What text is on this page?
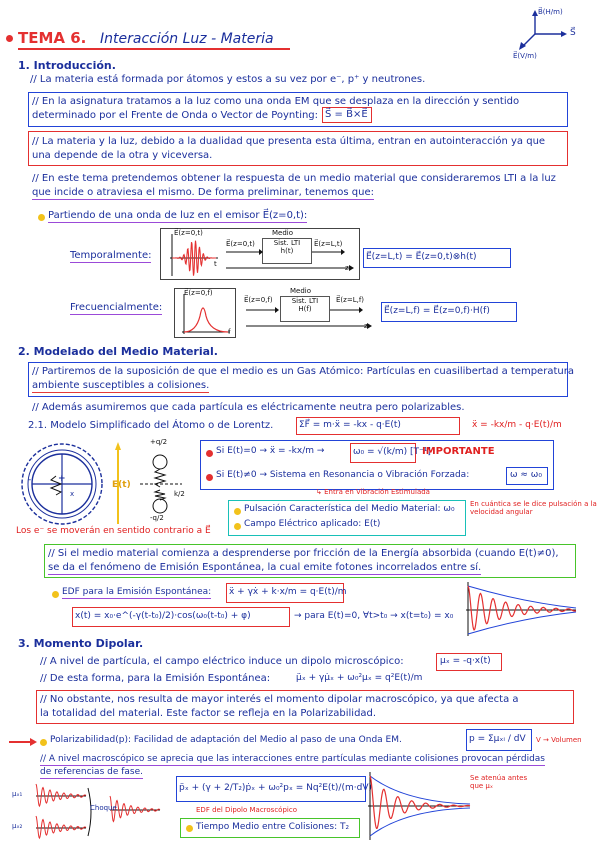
TEMA 6. Interacción Luz - Materia
B⃗(H/m)
S⃗
E⃗(V/m)
1. Introducción.
// La materia está formada por átomos y estos a su vez por e⁻, p⁺ y neutrones.
// En la asignatura tratamos a la luz como una onda EM que se desplaza en la dirección y sentido
determinado por el Frente de Onda o Vector de Poynting: S⃗ = B⃗×E⃗
// La materia y la luz, debido a la dualidad que presenta esta última, entran en autointeracción ya que
una depende de la otra y viceversa.
// En este tema pretendemos obtener la respuesta de un medio material que consideraremos LTI a la luz
que incide o atraviesa el mismo. De forma preliminar, tenemos que:
Partiendo de una onda de luz en el emisor E⃗(z=0,t):
Temporalmente:
E⃗(z=0,t)
t
E⃗(z=0,t)	Sist. LTI
h(t)
Medio
E⃗(z=L,t)
z
E⃗(z=L,t) = E⃗(z=0,t)⊗h(t)
Frecuencialmente:
E⃗(z=0,f)
f
E⃗(z=0,f)	Sist. LTI
H(f)
Medio
E⃗(z=L,f)
z
E⃗(z=L,f) = E⃗(z=0,f)·H(f)
2. Modelado del Medio Material.
// Partiremos de la suposición de que el medio es un Gas Atómico: Partículas en cuasilibertad a temperatura
ambiente susceptibles a colisiones.
// Además asumiremos que cada partícula es eléctricamente neutra pero polarizables.
2.1. Modelo Simplificado del Átomo o de Lorentz.	ΣF⃗ = m·ẍ = -kx - q·E(t)	ẍ = -kx/m - q·E(t)/m
+
-
x
+q/2
-q/2
k/2
E(t)
Si E(t)=0 → ẍ = -kx/m →	ω₀ = √(k/m) [T⁻¹]
IMPORTANTE
Si E(t)≠0 → Sistema en Resonancia o Vibración Forzada:	ω ≈ ω₀
↳ Entra en Vibración Estimulada
Pulsación Característica del Medio Material: ω₀
Campo Eléctrico aplicado: E(t)
En cuántica se le dice pulsación a la velocidad angular
Los e⁻ se moverán en sentido contrario a E⃗
// Si el medio material comienza a desprenderse por fricción de la Energía absorbida (cuando E(t)≠0),
se da el fenómeno de Emisión Espontánea, la cual emite fotones incorrelados entre sí.
EDF para la Emisión Espontánea: ẍ + γẋ + k·x/m = q·E(t)/m
x(t) = x₀·e^(-γ(t-t₀)/2)·cos(ω₀(t-t₀) + φ)	→ para E(t)=0, ∀t>t₀ → x(t=t₀) = x₀
3. Momento Dipolar.
// A nivel de partícula, el campo eléctrico induce un dipolo microscópico:	μₓ = -q·x(t)
// De esta forma, para la Emisión Espontánea:	μ̈ₓ + γμ̇ₓ + ω₀²μₓ = q²E(t)/m
// No obstante, nos resulta de mayor interés el momento dipolar macroscópico, ya que afecta a
la totalidad del material. Este factor se refleja en la Polarizabilidad.
Polarizabilidad(p): Facilidad de adaptación del Medio al paso de una Onda EM.	p = Σμₓᵢ / dV V → Volumen
// A nivel macroscópico se aprecia que las interacciones entre partículas mediante colisiones provocan pérdidas
de referencias de fase.
μₓ₁
μₓ₂
Choque
p̈ₓ + (γ + 2/T₂)ṗₓ + ω₀²pₓ = Nq²E(t)/(m·dV)
EDF del Dipolo Macroscópico
Tiempo Medio entre Colisiones: T₂
Se atenúa antes que μₓ
